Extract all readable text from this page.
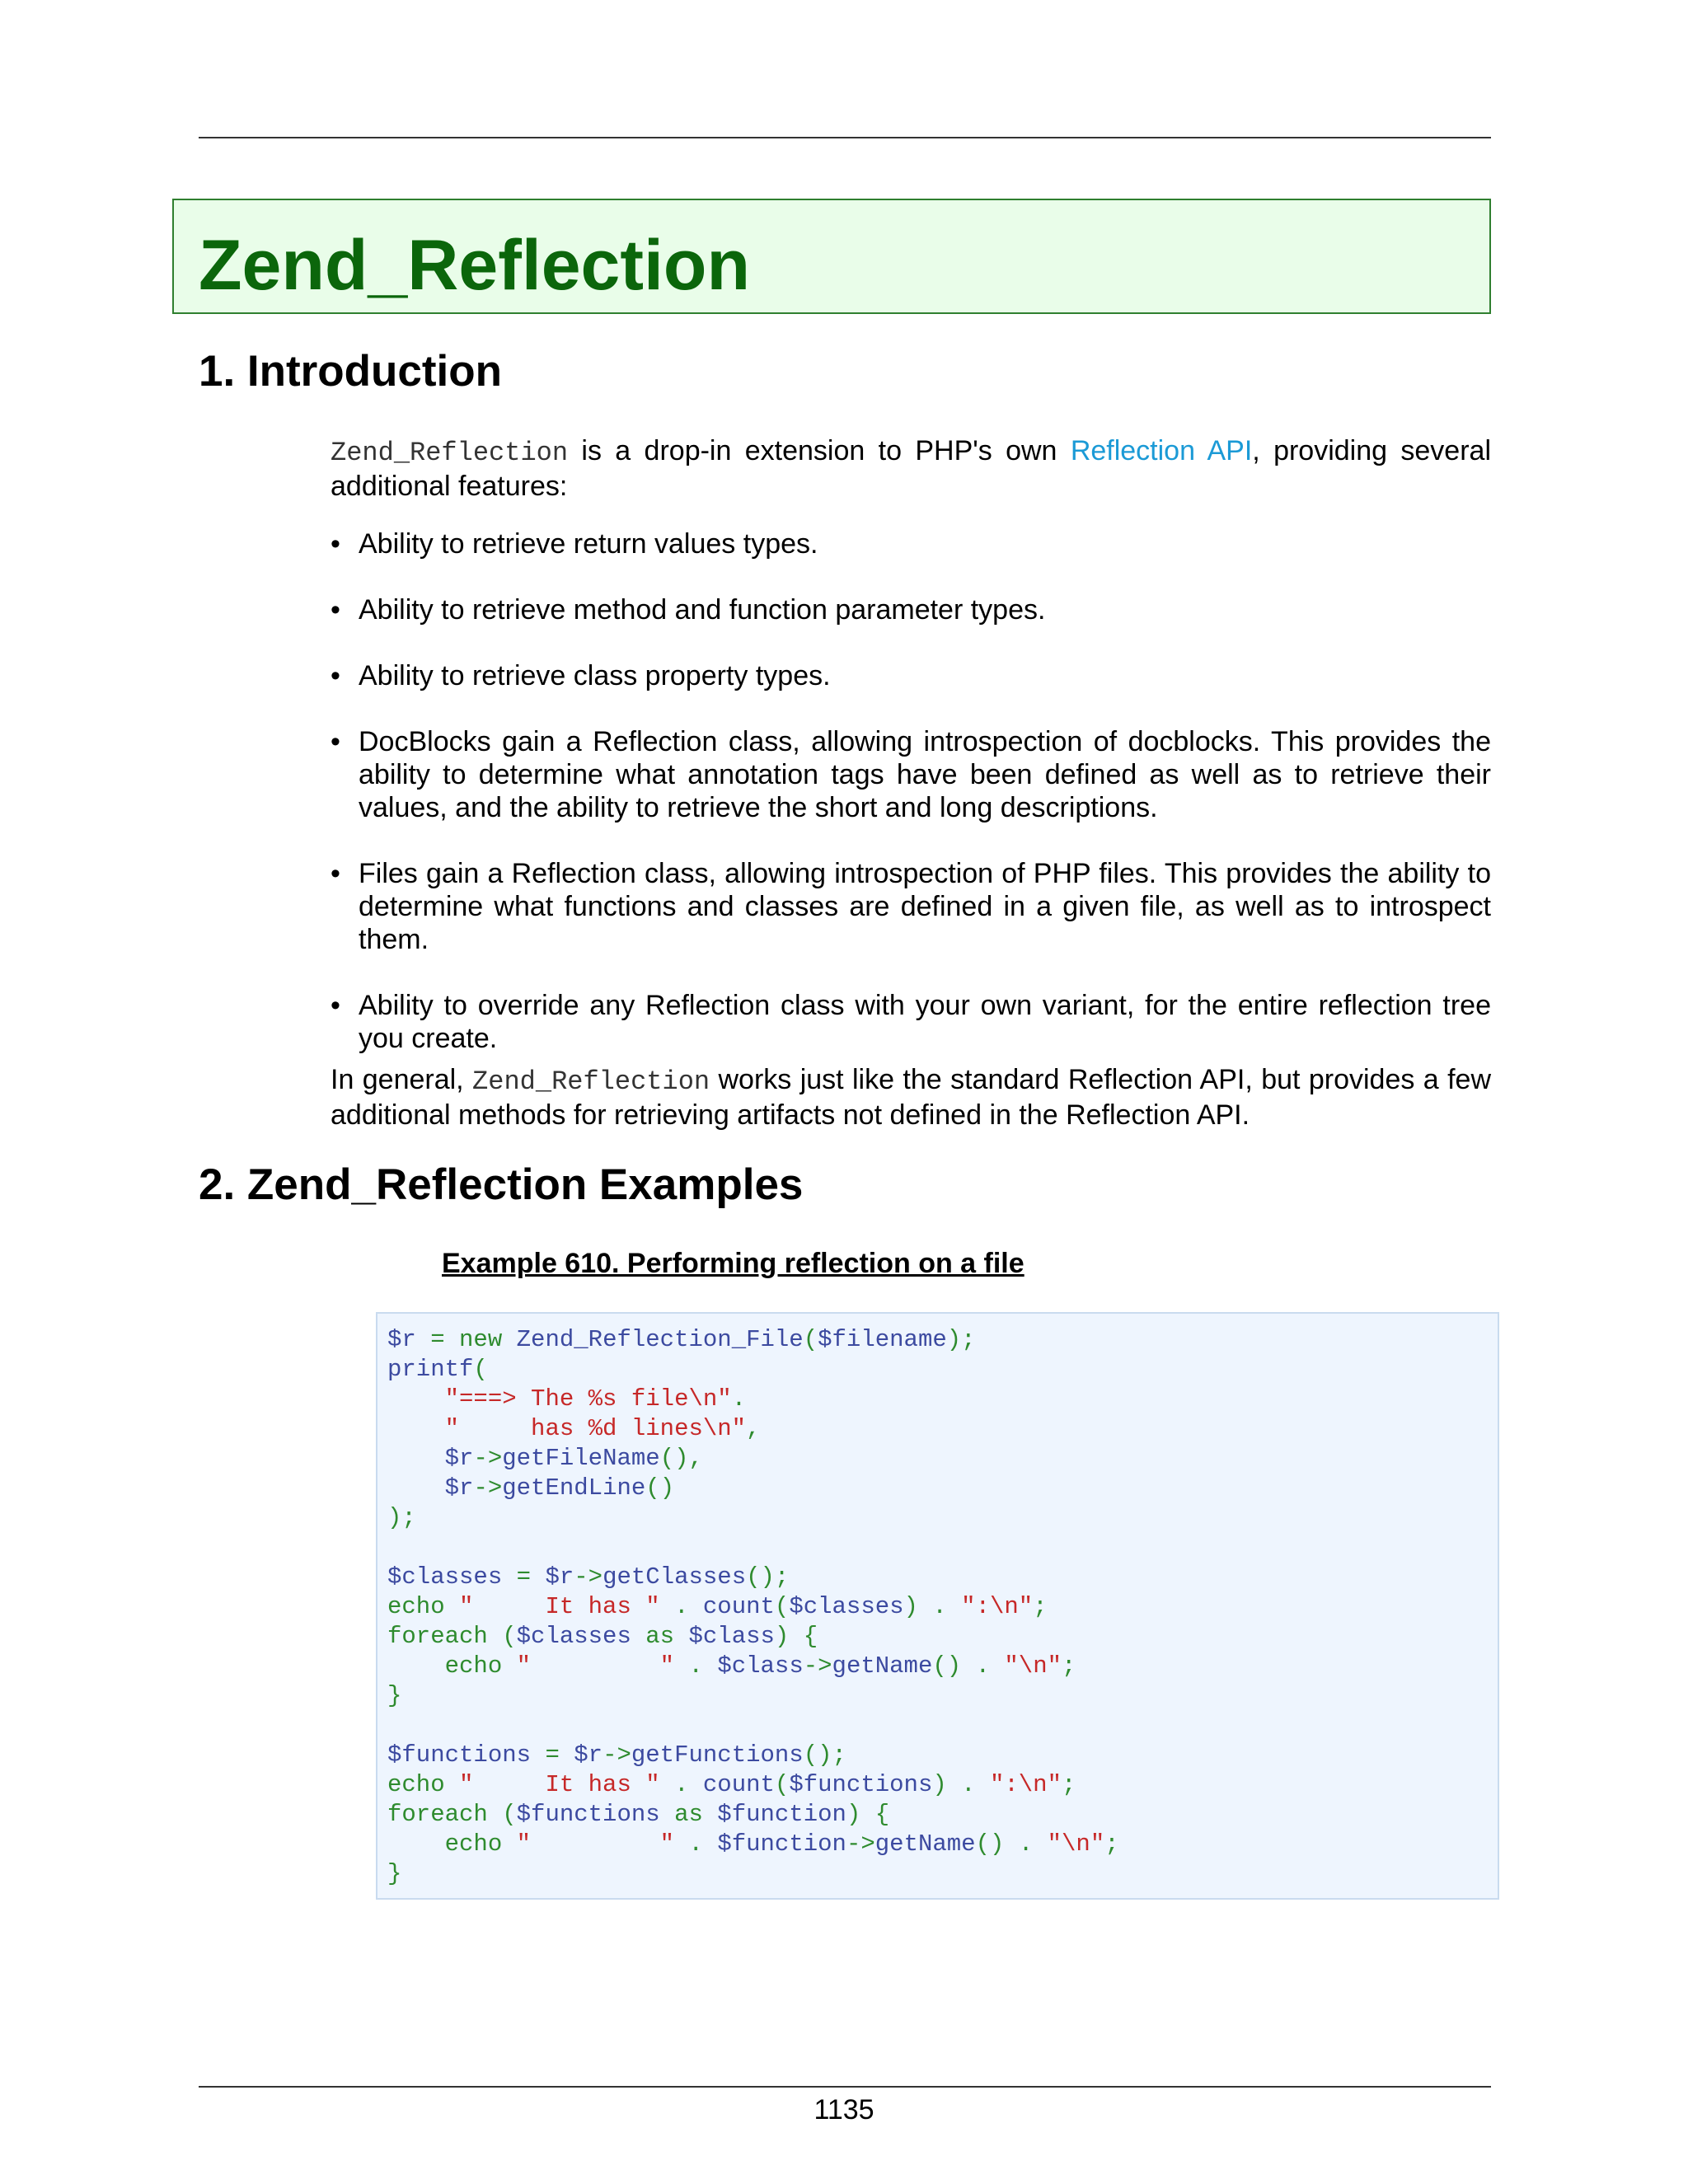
Zend_Reflection
1. Introduction

Zend_Reflection is a drop-in extension to PHP's own Reflection API, providing several additional features:

• Ability to retrieve return values types.
• Ability to retrieve method and function parameter types.
• Ability to retrieve class property types.
• DocBlocks gain a Reflection class, allowing introspection of docblocks. This provides the ability to determine what annotation tags have been defined as well as to retrieve their values, and the ability to retrieve the short and long descriptions.
• Files gain a Reflection class, allowing introspection of PHP files. This provides the ability to determine what functions and classes are defined in a given file, as well as to introspect them.
• Ability to override any Reflection class with your own variant, for the entire reflection tree you create.

In general, Zend_Reflection works just like the standard Reflection API, but provides a few additional methods for retrieving artifacts not defined in the Reflection API.

2. Zend_Reflection Examples

Example 610. Performing reflection on a file

$r = new Zend_Reflection_File($filename);
printf(
"===> The %s file\n".
"     has %d lines\n",
$r->getFileName(),
$r->getEndLine()
);

$classes = $r->getClasses();
echo "     It has " . count($classes) . ":\n";
foreach ($classes as $class) {
echo "         " . $class->getName() . "\n";
}

$functions = $r->getFunctions();
echo "     It has " . count($functions) . ":\n";
foreach ($functions as $function) {
echo "         " . $function->getName() . "\n";
}
1135
